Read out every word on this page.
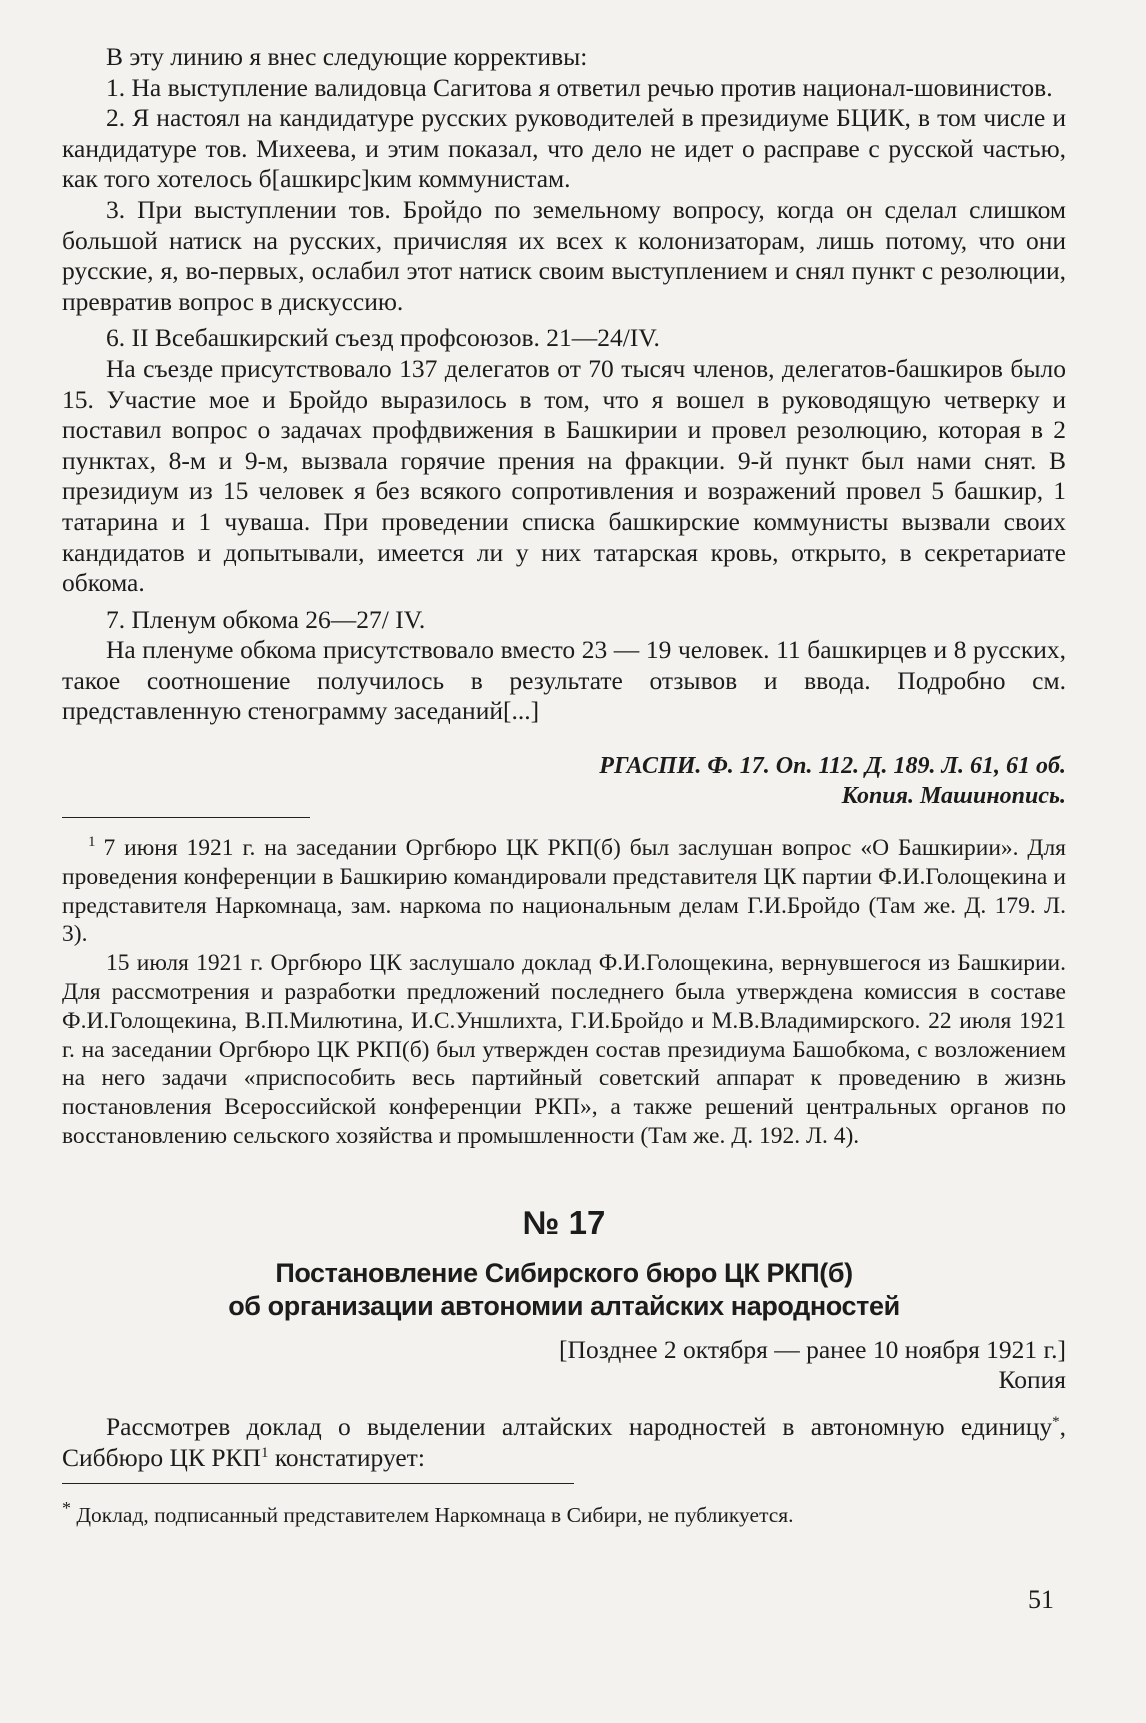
В эту линию я внес следующие коррективы:

1. На выступление валидовца Сагитова я ответил речью против национал-шовинистов.

2. Я настоял на кандидатуре русских руководителей в президиуме БЦИК, в том числе и кандидатуре тов. Михеева, и этим показал, что дело не идет о расправе с русской частью, как того хотелось б[ашкирс]ким коммунистам.

3. При выступлении тов. Бройдо по земельному вопросу, когда он сделал слишком большой натиск на русских, причисляя их всех к колонизаторам, лишь потому, что они русские, я, во-первых, ослабил этот натиск своим выступлением и снял пункт с резолюции, превратив вопрос в дискуссию.

6. II Всебашкирский съезд профсоюзов. 21—24/IV.

На съезде присутствовало 137 делегатов от 70 тысяч членов, делегатов-башкиров было 15. Участие мое и Бройдо выразилось в том, что я вошел в руководящую четверку и поставил вопрос о задачах профдвижения в Башкирии и провел резолюцию, которая в 2 пунктах, 8-м и 9-м, вызвала горячие прения на фракции. 9-й пункт был нами снят. В президиум из 15 человек я без всякого сопротивления и возражений провел 5 башкир, 1 татарина и 1 чуваша. При проведении списка башкирские коммунисты вызвали своих кандидатов и допытывали, имеется ли у них татарская кровь, открыто, в секретариате обкома.

7. Пленум обкома 26—27/ IV.

На пленуме обкома присутствовало вместо 23 — 19 человек. 11 башкирцев и 8 русских, такое соотношение получилось в результате отзывов и ввода. Подробно см. представленную стенограмму заседаний[...]

РГАСПИ. Ф. 17. Оп. 112. Д. 189. Л. 61, 61 об.

Копия. Машинопись.

$^1$ 7 июня 1921 г. на заседании Оргбюро ЦК РКП(б) был заслушан вопрос «О Башкирии». Для проведения конференции в Башкирию командировали представителя ЦК партии Ф.И.Голощекина и представителя Наркомнаца, зам. наркома по национальным делам Г.И.Бройдо (Там же. Д. 179. Л. 3).

15 июля 1921 г. Оргбюро ЦК заслушало доклад Ф.И.Голощекина, вернувшегося из Башкирии. Для рассмотрения и разработки предложений последнего была утверждена комиссия в составе Ф.И.Голощекина, В.П.Милютина, И.С.Уншлихта, Г.И.Бройдо и М.В.Владимирского. 22 июля 1921 г. на заседании Оргбюро ЦК РКП(б) был утвержден состав президиума Башобкома, с возложением на него задачи «приспособить весь партийный советский аппарат к проведению в жизнь постановления Всероссийской конференции РКП», а также решений центральных органов по восстановлению сельского хозяйства и промышленности (Там же. Д. 192. Л. 4).

№ 17

Постановление Сибирского бюро ЦК РКП(б)

об организации автономии алтайских народностей

[Позднее 2 октября — ранее 10 ноября 1921 г.]

Копия

Рассмотрев доклад о выделении алтайских народностей в автономную единицу*, Сиббюро ЦК РКП$^1$ констатирует:

* Доклад, подписанный представителем Наркомнаца в Сибири, не публикуется.

51
